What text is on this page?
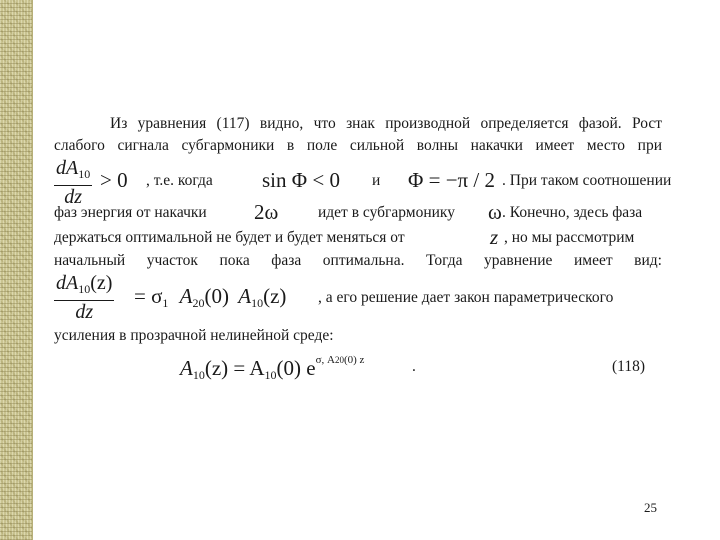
Из уравнения (117) видно, что знак производной определяется фазой. Рост
слабого сигнала субгармоники в поле сильной волны накачки имеет место при
$\frac{dA_{10}}{dz} > 0$ , т.е. когда sin Φ < 0 и Φ = −π / 2 . При таком соотношении
фаз энергия от накачки 2ω	идет в субгармонику ω . Конечно, здесь фаза
держаться оптимальной не будет и будет меняться от	z , но мы рассмотрим
начальный участок пока фаза оптимальна. Тогда уравнение имеет вид:
$\frac{dA_{10}(z)}{dz} = \sigma_1$ $A_{20}(0)$ $A_{10}(z)$ , а его решение дает закон параметрического
усиления в прозрачной нелинейной среде:
$A_{10}(z) = A_{10}(0)$ $e^{\sigma, A20(0) z}$	.	(118)
25
